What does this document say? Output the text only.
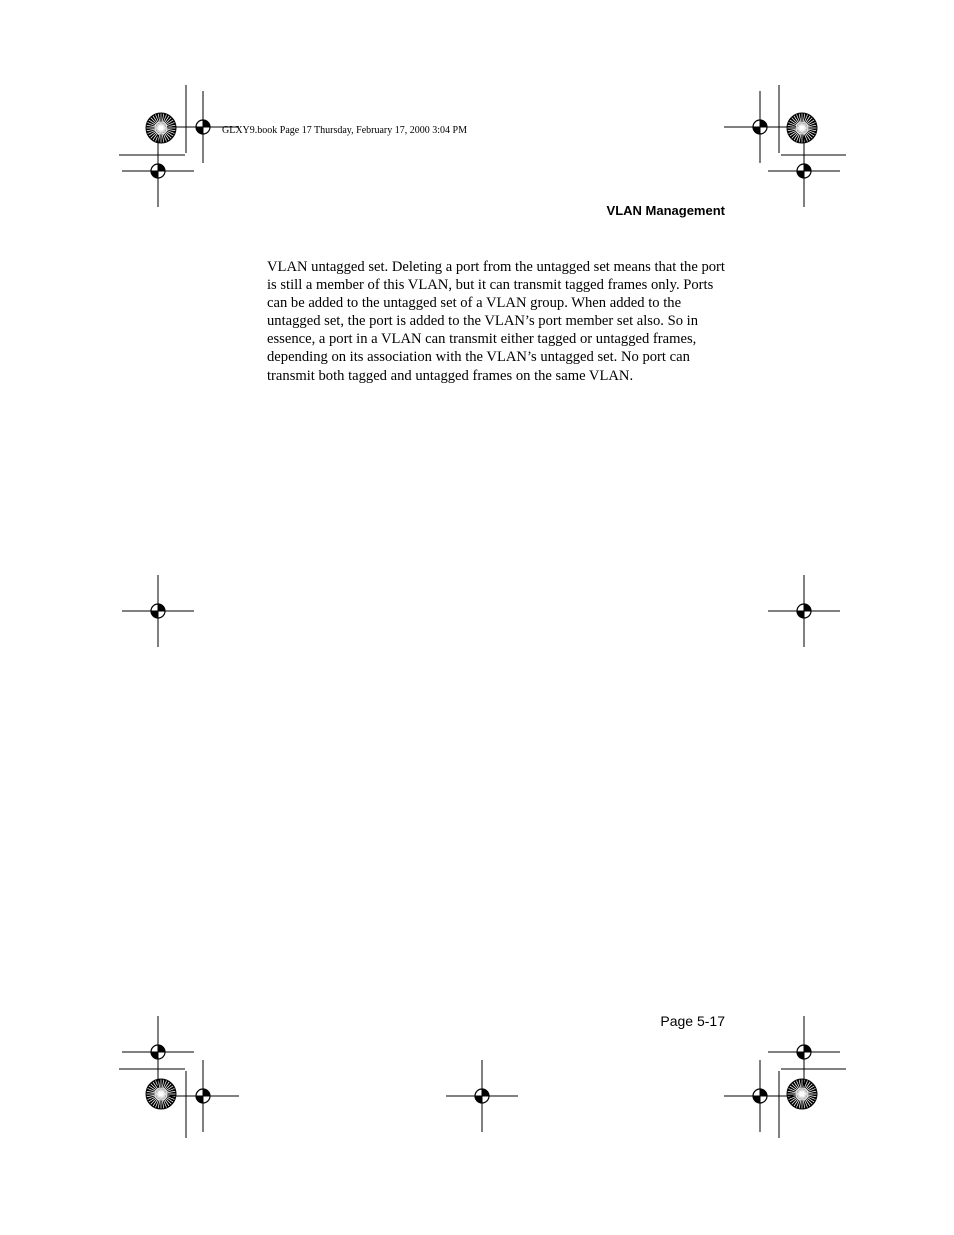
GLXY9.book Page 17 Thursday, February 17, 2000 3:04 PM
VLAN Management
VLAN untagged set. Deleting a port from the untagged set means that the port
is still a member of this VLAN, but it can transmit tagged frames only. Ports
can be added to the untagged set of a VLAN group. When added to the
untagged set, the port is added to the VLAN’s port member set also. So in
essence, a port in a VLAN can transmit either tagged or untagged frames,
depending on its association with the VLAN’s untagged set. No port can
transmit both tagged and untagged frames on the same VLAN.
Page 5-17
